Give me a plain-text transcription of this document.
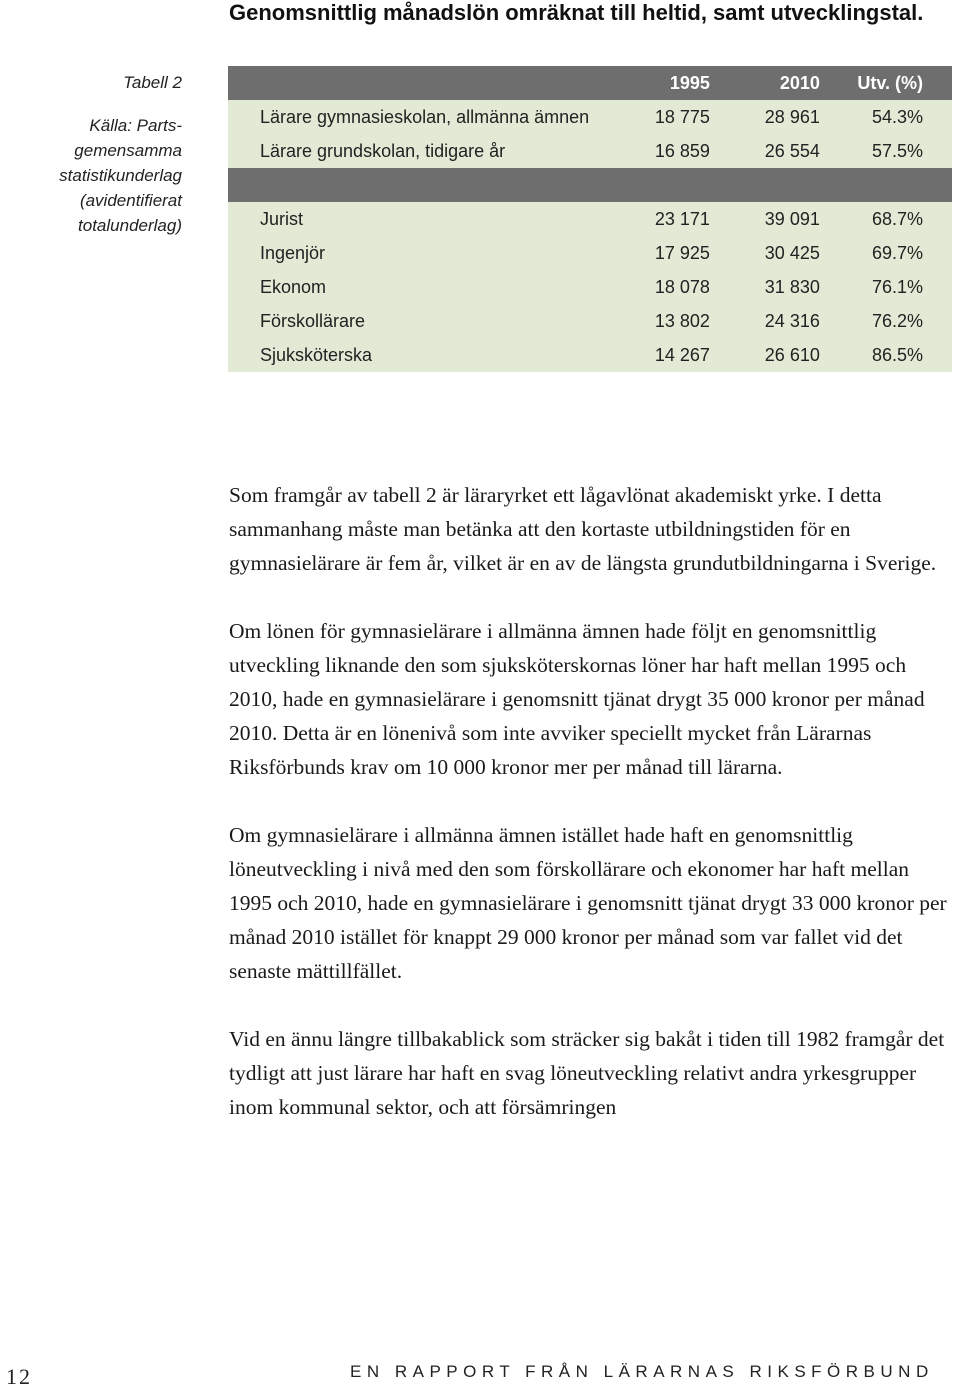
Genomsnittlig månadslön omräknat till heltid, samt utvecklingstal.
Tabell 2
Källa: Parts-
gemensamma
statistikunderlag
(avidentifierat
totalunderlag)
	1995	2010	Utv. (%)	
Lärare gymnasieskolan, allmänna ämnen	18 775	28 961	54.3%	
Lärare grundskolan, tidigare år	16 859	26 554	57.5%	

Jurist	23 171	39 091	68.7%	
Ingenjör	17 925	30 425	69.7%	
Ekonom	18 078	31 830	76.1%	
Förskollärare	13 802	24 316	76.2%	
Sjuksköterska	14 267	26 610	86.5%	

Som framgår av tabell 2 är läraryrket ett lågavlönat akademiskt yrke. I detta sammanhang måste man betänka att den kortaste utbildningstiden för en gymnasielärare är fem år, vilket är en av de längsta grundutbildningarna i Sverige.

Om lönen för gymnasielärare i allmänna ämnen hade följt en genomsnittlig utveckling liknande den som sjuksköterskornas löner har haft mellan 1995 och 2010, hade en gymnasielärare i genomsnitt tjänat drygt 35 000 kronor per månad 2010. Detta är en lönenivå som inte avviker speciellt mycket från Lärarnas Riksförbunds krav om 10 000 kronor mer per månad till lärarna.

Om gymnasielärare i allmänna ämnen istället hade haft en genomsnittlig löneutveckling i nivå med den som förskollärare och ekonomer har haft mellan 1995 och 2010, hade en gymnasielärare i genomsnitt tjänat drygt 33 000 kronor per månad 2010 istället för knappt 29 000 kronor per månad som var fallet vid det senaste mättillfället.

Vid en ännu längre tillbakablick som sträcker sig bakåt i tiden till 1982 framgår det tydligt att just lärare har haft en svag löneutveckling relativt andra yrkesgrupper inom kommunal sektor, och att försämringen

12	EN RAPPORT FRÅN LÄRARNAS RIKSFÖRBUND
